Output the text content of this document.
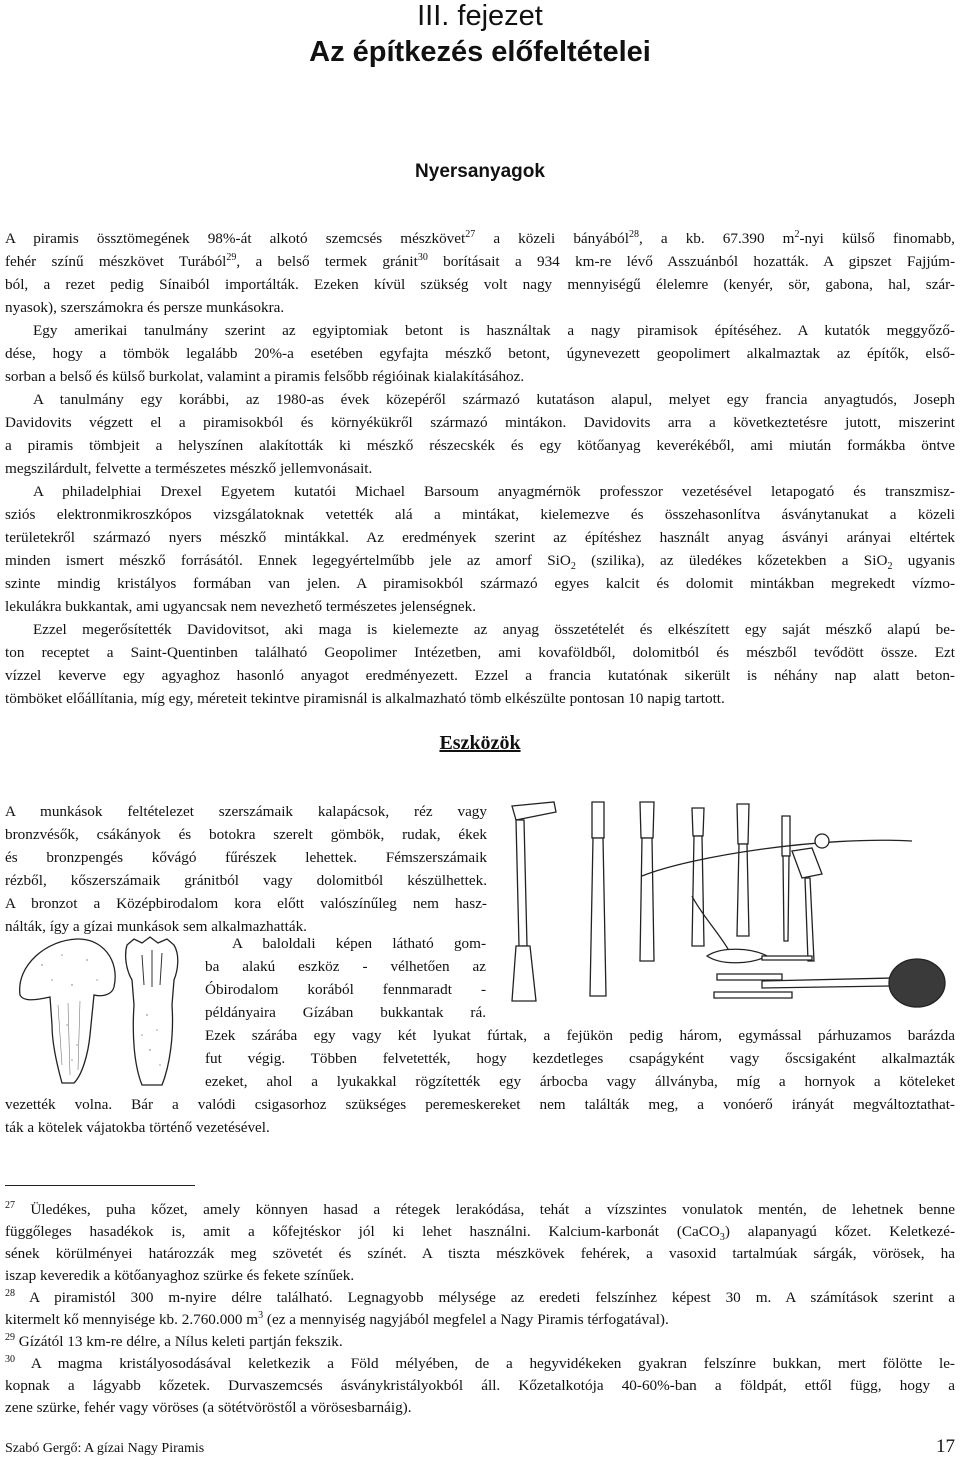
III. fejezet
Az építkezés előfeltételei
Nyersanyagok
A piramis össztömegének 98%-át alkotó szemcsés mészkövet$^{27}$ a közeli bányából$^{28}$, a kb. 67.390 $m^2$-nyi külső finomabb,
fehér színű mészkövet Turából$^{29}$, a belső termek gránit$^{30}$ borításait a 934 km-re lévő Asszuánból hozatták. A gipszet Fajjúm-
ból, a rezet pedig Sínaiból importálták. Ezeken kívül szükség volt nagy mennyiségű élelemre (kenyér, sör, gabona, hal, szár-
nyasok), szerszámokra és persze munkásokra.
Egy amerikai tanulmány szerint az egyiptomiak betont is használtak a nagy piramisok építéséhez. A kutatók meggyőző-
dése, hogy a tömbök legalább 20%-a esetében egyfajta mészkő betont, úgynevezett geopolimert alkalmaztak az építők, első-
sorban a belső és külső burkolat, valamint a piramis felsőbb régióinak kialakításához.
A tanulmány egy korábbi, az 1980-as évek közepéről származó kutatáson alapul, melyet egy francia anyagtudós, Joseph
Davidovits végzett el a piramisokból és környékükről származó mintákon. Davidovits arra a következtetésre jutott, miszerint
a piramis tömbjeit a helyszínen alakították ki mészkő részecskék és egy kötőanyag keverékéből, ami miután formákba öntve
megszilárdult, felvette a természetes mészkő jellemvonásait.
A philadelphiai Drexel Egyetem kutatói Michael Barsoum anyagmérnök professzor vezetésével letapogató és transzmisz-
sziós elektronmikroszkópos vizsgálatoknak vetették alá a mintákat, kielemezve és összehasonlítva ásványtanukat a közeli
területekről származó nyers mészkő mintákkal. Az eredmények szerint az építéshez használt anyag ásványi arányai eltértek
minden ismert mészkő forrásától. Ennek legegyértelműbb jele az amorf SiO$_2$ (szilika), az üledékes kőzetekben a SiO$_2$ ugyanis
szinte mindig kristályos formában van jelen. A piramisokból származó egyes kalcit és dolomit mintákban megrekedt vízmo-
lekulákra bukkantak, ami ugyancsak nem nevezhető természetes jelenségnek.
Ezzel megerősítették Davidovitsot, aki maga is kielemezte az anyag összetételét és elkészített egy saját mészkő alapú be-
ton receptet a Saint-Quentinben található Geopolimer Intézetben, ami kovaföldből, dolomitból és mészből tevődött össze. Ezt
vízzel keverve egy agyaghoz hasonló anyagot eredményezett. Ezzel a francia kutatónak sikerült is néhány nap alatt beton-
tömböket előállítania, míg egy, méreteit tekintve piramisnál is alkalmazható tömb elkészülte pontosan 10 napig tartott.
Eszközök
A munkások feltételezet szerszámaik kalapácsok, réz vagy
bronzvésők, csákányok és botokra szerelt gömbök, rudak, ékek
és bronzpengés kővágó fűrészek lehettek. Fémszerszámaik
rézből, kőszerszámaik gránitból vagy dolomitból készülhettek.
A bronzot a Középbirodalom kora előtt valószínűleg nem hasz-
nálták, így a gízai munkások sem alkalmazhatták.
A baloldali képen látható gom-
ba alakú eszköz - vélhetően az
Óbirodalom korából fennmaradt -
példányaira Gízában bukkantak rá.
Ezek szárába egy vagy két lyukat fúrtak, a fejükön pedig három, egymással párhuzamos barázda
fut végig. Többen felvetették, hogy kezdetleges csapágyként vagy őscsigaként alkalmazták
ezeket, ahol a lyukakkal rögzítették egy árbocba vagy állványba, míg a hornyok a köteleket
vezették volna. Bár a valódi csigasorhoz szükséges peremeskereket nem találták meg, a vonóerő irányát megváltoztathat-
ták a kötelek vájatokba történő vezetésével.
$^{27}$ Üledékes, puha kőzet, amely könnyen hasad a rétegek lerakódása, tehát a vízszintes vonulatok mentén, de lehetnek benne
függőleges hasadékok is, amit a kőfejtéskor jól ki lehet használni. Kalcium-karbonát (CaCO$_3$) alapanyagú kőzet. Keletkezé-
sének körülményei határozzák meg szövetét és színét. A tiszta mészkövek fehérek, a vasoxid tartalmúak sárgák, vörösek, ha
iszap keveredik a kötőanyaghoz szürke és fekete színűek.
$^{28}$ A piramistól 300 m-nyire délre található. Legnagyobb mélysége az eredeti felszínhez képest 30 m. A számítások szerint a
kitermelt kő mennyisége kb. 2.760.000 $m^3$ (ez a mennyiség nagyjából megfelel a Nagy Piramis térfogatával).
$^{29}$ Gízától 13 km-re délre, a Nílus keleti partján fekszik.
$^{30}$ A magma kristályosodásával keletkezik a Föld mélyében, de a hegyvidékeken gyakran felszínre bukkan, mert fölötte le-
kopnak a lágyabb kőzetek. Durvaszemcsés ásványkristályokból áll. Kőzetalkotója 40-60%-ban a földpát, ettől függ, hogy a
zene szürke, fehér vagy vöröses (a sötétvöröstől a vörösesbarnáig).
Szabó Gergő: A gízai Nagy Piramis	17
